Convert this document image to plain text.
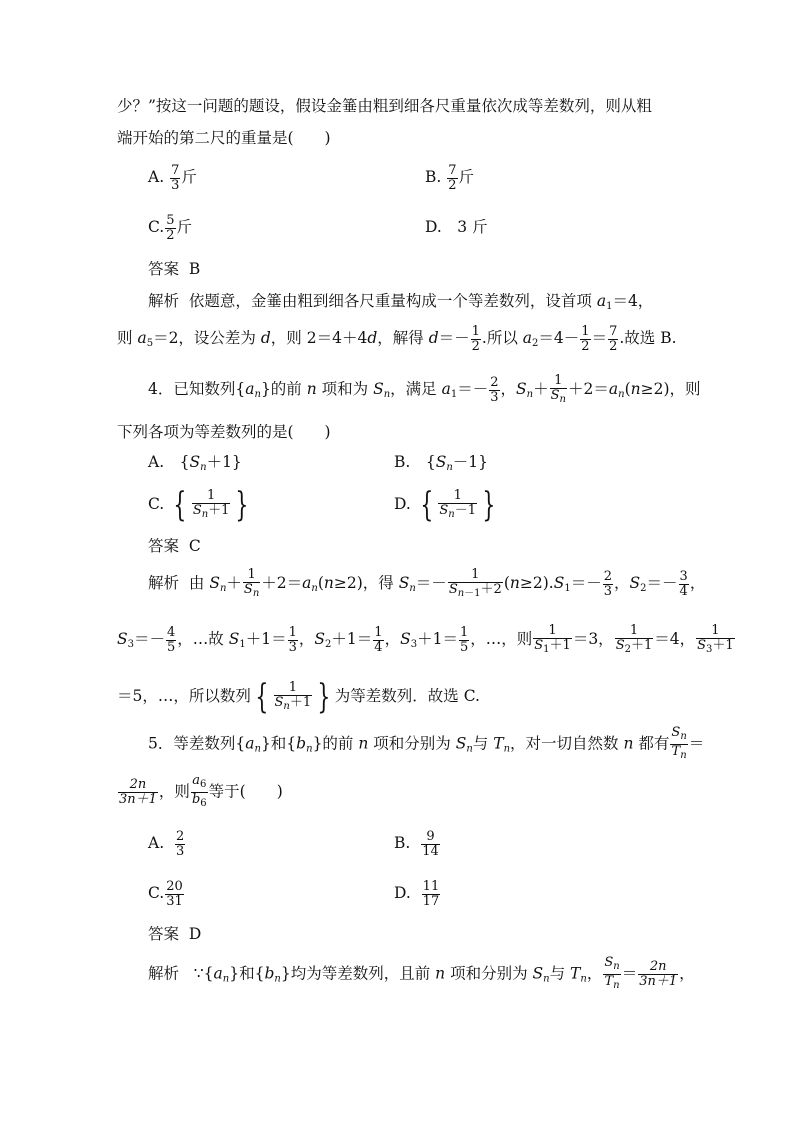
少？”按这一问题的题设，假设金箠由粗到细各尺重量依次成等差数列，则从粗
端开始的第二尺的重量是(　　)
A. $\frac{7}{3}$ 斤	B. $\frac{7}{2}$ 斤
C. $\frac{5}{2}$ 斤	D.　3 斤
答案 B
解析 依题意，金箠由粗到细各尺重量构成一个等差数列，设首项 $a_1=4$，
则 $a_5=2$，设公差为 d，则 2＝4＋4d，解得 $d=- \frac{1}{2}$ .所以 $a_2=4- \frac{1}{2} = \frac{7}{2}$ .故选 B.
4．已知数列$\{a_n\}$的前 n 项和为 $S_n$，满足 $a_1=- \frac{2}{3}$ ，$S_n+ \frac{1}{S_n} +2=a_n(n\ge 2)$，则
下列各项为等差数列的是(　　)
A.　$\{S_n+1\}$	B.　$\{S_n-1\}$
C. { $\frac{1}{S_n+1}$ }	D. { $\frac{1}{S_n-1}$ }
答案 C
解析 由 $S_n+ \frac{1}{S_n} +2=a_n(n\ge 2)$，得 $S_n=- \frac{1}{S_{n-1}+2} (n\ge 2).S_1=- \frac{2}{3}$ ，$S_2=- \frac{3}{4}$ ，
$S_3=- \frac{4}{5}$ ，…故 $S_1+1= \frac{1}{3}$ ，$S_2+1= \frac{1}{4}$ ，$S_3+1= \frac{1}{5}$ ，…，则 $\frac{1}{S_1+1} =3$， $\frac{1}{S_2+1} =4$， $\frac{1}{S_3+1}$
＝5，…，所以数列 { $\frac{1}{S_n+1}$ } 为等差数列．故选 C.
5．等差数列$\{a_n\}$和$\{b_n\}$的前 n 项和分别为 $S_n$与 $T_n$，对一切自然数 n 都有 $\frac{S_n}{T_n}$ ＝
$\frac{2n}{3n+1}$ ，则 $\frac{a_6}{b_6}$ 等于(　　)
A. $\frac{2}{3}$	B. $\frac{9}{14}$
C. $\frac{20}{31}$	D. $\frac{11}{17}$
答案 D
解析 $\because\{a_n\}$和$\{b_n\}$均为等差数列，且前 n 项和分别为 $S_n$与 $T_n$， $\frac{S_n}{T_n} = \frac{2n}{3n+1}$ ，
